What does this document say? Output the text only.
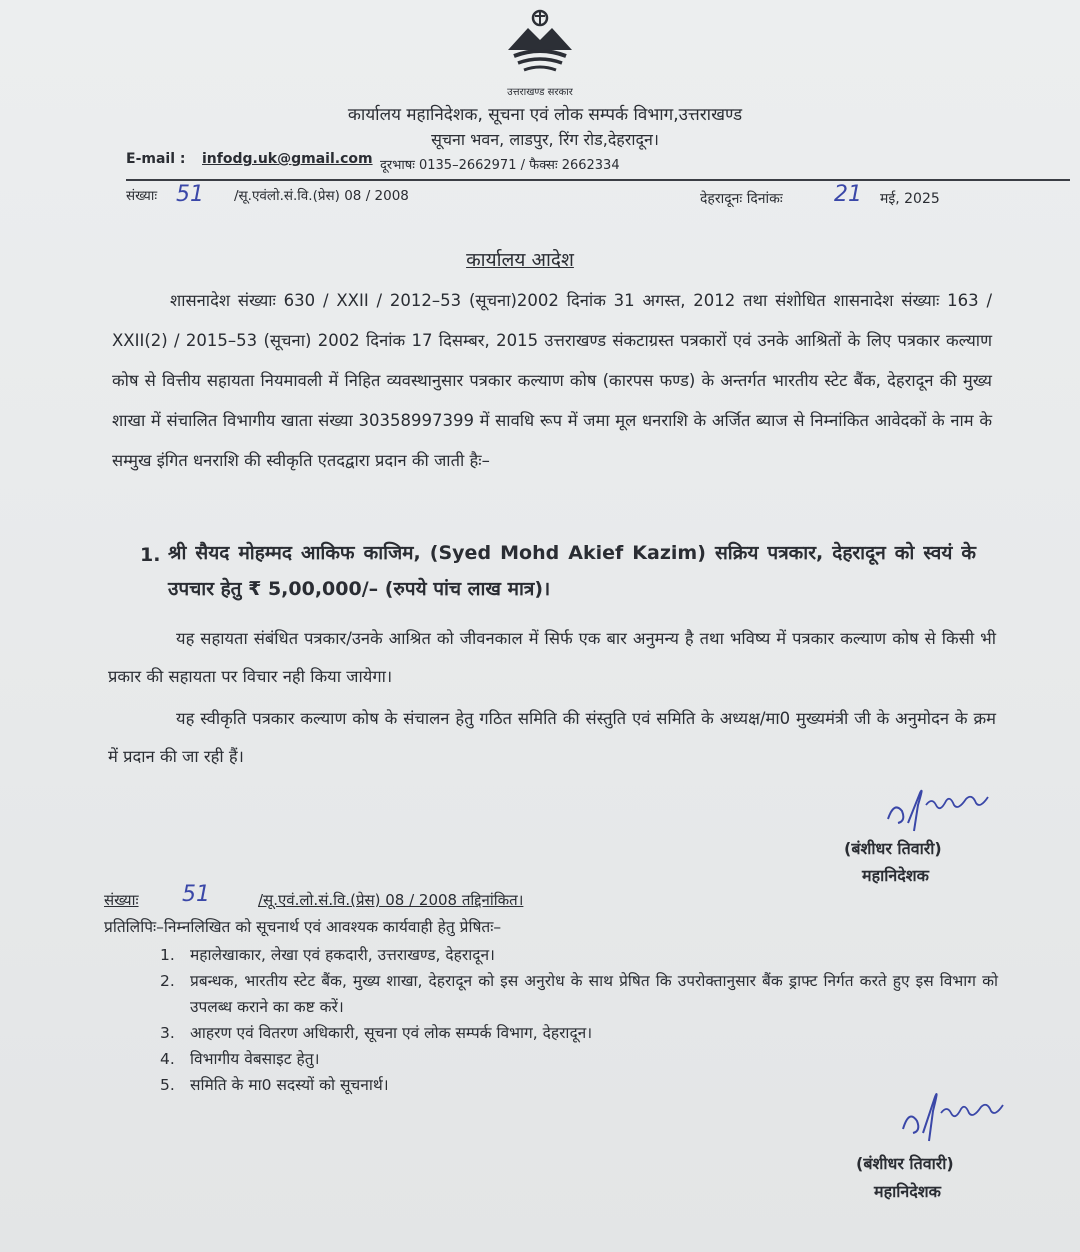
उत्तराखण्ड सरकार
कार्यालय महानिदेशक, सूचना एवं लोक सम्पर्क विभाग,उत्तराखण्ड
सूचना भवन, लाडपुर, रिंग रोड,देहरादून।
E-mail : infodg.uk@gmail.com दूरभाषः 0135–2662971 / फैक्सः 2662334
संख्याः 51 /सू.एवंलो.सं.वि.(प्रेस) 08 / 2008	देहरादूनः दिनांकः 21 मई, 2025
कार्यालय आदेश
शासनादेश संख्याः 630 / XXII / 2012–53 (सूचना)2002 दिनांक 31 अगस्त, 2012 तथा संशोधित शासनादेश संख्याः 163 / XXII(2) / 2015–53 (सूचना) 2002 दिनांक 17 दिसम्बर, 2015 उत्तराखण्ड संकटाग्रस्त पत्रकारों एवं उनके आश्रितों के लिए पत्रकार कल्याण कोष से वित्तीय सहायता नियमावली में निहित व्यवस्थानुसार पत्रकार कल्याण कोष (कारपस फण्ड) के अन्तर्गत भारतीय स्टेट बैंक, देहरादून की मुख्य शाखा में संचालित विभागीय खाता संख्या 30358997399 में सावधि रूप में जमा मूल धनराशि के अर्जित ब्याज से निम्नांकित आवेदकों के नाम के सम्मुख इंगित धनराशि की स्वीकृति एतदद्वारा प्रदान की जाती हैः–
1. श्री सैयद मोहम्मद आकिफ काजिम, (Syed Mohd Akief Kazim) सक्रिय पत्रकार, देहरादून को स्वयं के उपचार हेतु ₹ 5,00,000/– (रुपये पांच लाख मात्र)।
यह सहायता संबंधित पत्रकार/उनके आश्रित को जीवनकाल में सिर्फ एक बार अनुमन्य है तथा भविष्य में पत्रकार कल्याण कोष से किसी भी प्रकार की सहायता पर विचार नही किया जायेगा।
यह स्वीकृति पत्रकार कल्याण कोष के संचालन हेतु गठित समिति की संस्तुति एवं समिति के अध्यक्ष/मा0 मुख्यमंत्री जी के अनुमोदन के क्रम में प्रदान की जा रही हैं।
(बंशीधर तिवारी)
महानिदेशक
संख्याः 51	/सू.एवं.लो.सं.वि.(प्रेस) 08 / 2008 तद्दिनांकित।
प्रतिलिपिः–निम्नलिखित को सूचनार्थ एवं आवश्यक कार्यवाही हेतु प्रेषितः–
1. महालेखाकार, लेखा एवं हकदारी, उत्तराखण्ड, देहरादून।
2. प्रबन्धक, भारतीय स्टेट बैंक, मुख्य शाखा, देहरादून को इस अनुरोध के साथ प्रेषित कि उपरोक्तानुसार बैंक ड्राफ्ट निर्गत करते हुए इस विभाग को उपलब्ध कराने का कष्ट करें।
3. आहरण एवं वितरण अधिकारी, सूचना एवं लोक सम्पर्क विभाग, देहरादून।
4. विभागीय वेबसाइट हेतु।
5. समिति के मा0 सदस्यों को सूचनार्थ।
(बंशीधर तिवारी)
महानिदेशक
